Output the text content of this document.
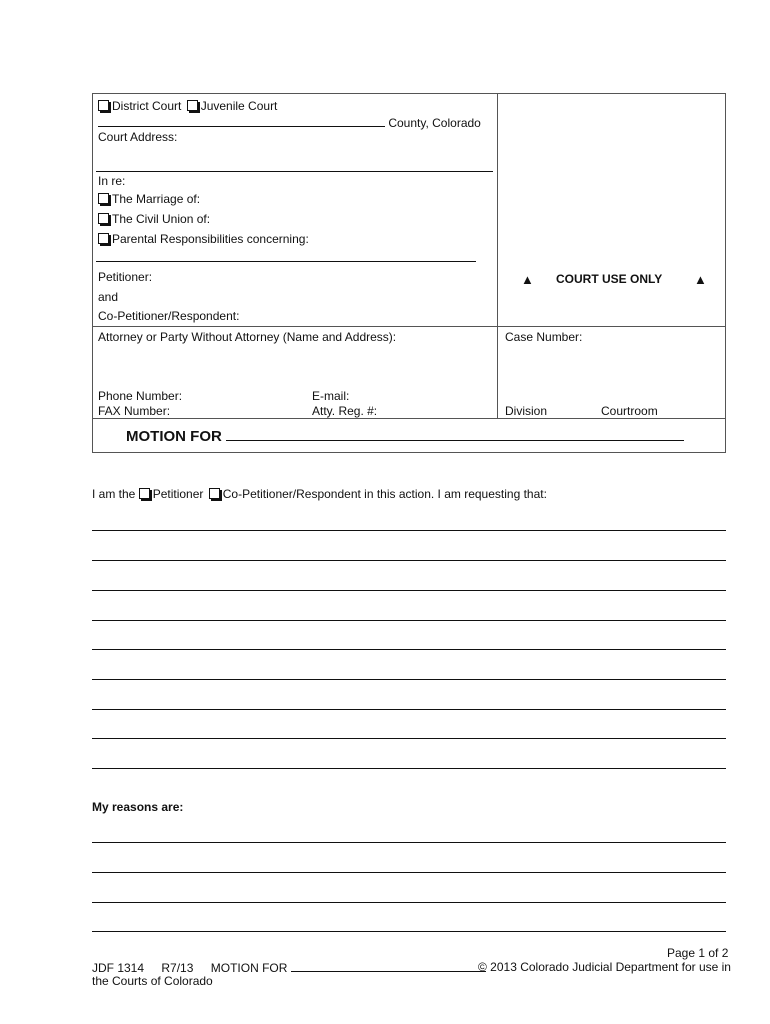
District Court Juvenile Court
County, Colorado
Court Address:
In re:
The Marriage of:
The Civil Union of:
Parental Responsibilities concerning:
Petitioner:
and
Co-Petitioner/Respondent:
▲ COURT USE ONLY ▲
Attorney or Party Without Attorney (Name and Address):	Case Number:
Phone Number:	E-mail:
FAX Number:	Atty. Reg. #:	Division	Courtroom
MOTION FOR
I am the Petitioner Co-Petitioner/Respondent in this action. I am requesting that:
My reasons are:
Page 1 of 2
JDF 1314 R7/13 MOTION FOR	© 2013 Colorado Judicial Department for use in
the Courts of Colorado
